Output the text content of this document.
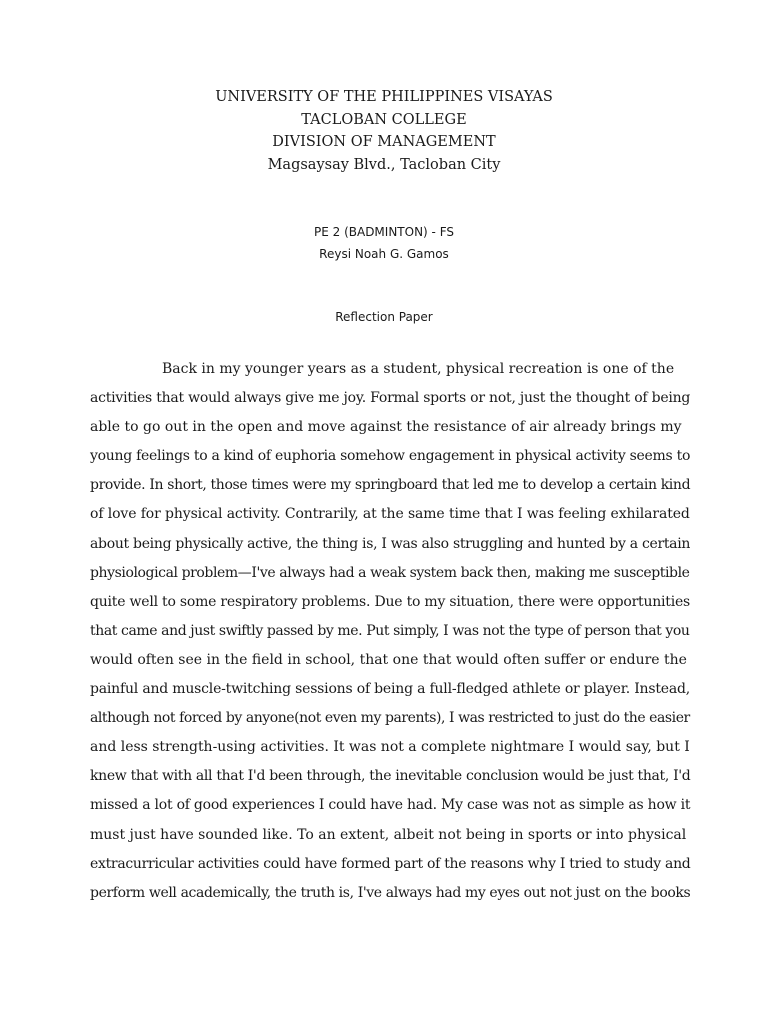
UNIVERSITY OF THE PHILIPPINES VISAYAS
TACLOBAN COLLEGE
DIVISION OF MANAGEMENT
Magsaysay Blvd., Tacloban City
PE 2 (BADMINTON) - FS
Reysi Noah G. Gamos
Reflection Paper
Back in my younger years as a student, physical recreation is one of the
activities that would always give me joy. Formal sports or not, just the thought of being
able to go out in the open and move against the resistance of air already brings my
young feelings to a kind of euphoria somehow engagement in physical activity seems to
provide. In short, those times were my springboard that led me to develop a certain kind
of love for physical activity. Contrarily, at the same time that I was feeling exhilarated
about being physically active, the thing is, I was also struggling and hunted by a certain
physiological problem—I've always had a weak system back then, making me susceptible
quite well to some respiratory problems. Due to my situation, there were opportunities
that came and just swiftly passed by me. Put simply, I was not the type of person that you
would often see in the field in school, that one that would often suffer or endure the
painful and muscle-twitching sessions of being a full-fledged athlete or player. Instead,
although not forced by anyone(not even my parents), I was restricted to just do the easier
and less strength-using activities. It was not a complete nightmare I would say, but I
knew that with all that I'd been through, the inevitable conclusion would be just that, I'd
missed a lot of good experiences I could have had. My case was not as simple as how it
must just have sounded like. To an extent, albeit not being in sports or into physical
extracurricular activities could have formed part of the reasons why I tried to study and
perform well academically, the truth is, I've always had my eyes out not just on the books
